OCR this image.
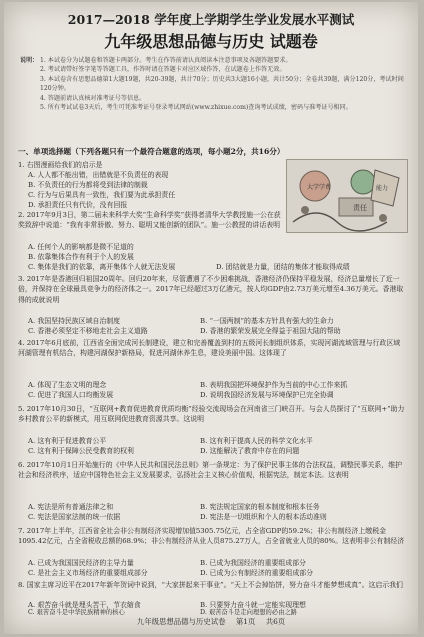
2017—2018 学年度上学期学生学业发展水平测试
九年级思想品德与历史 试题卷
说明： 1. 本试卷分为试题卷和答题卡两部分。考生在作答前请认真阅读本注意事项及各题答题要求。
2. 考试请带好签字笔等答题工具，作答时请在答题卡对应区域作答，在试题卷上作答无效。
3. 本试卷含有思想品德第1大题19题，共20-39题，共计70分；历史共3大题16小题，共计50分；全卷共39题，满分120分，考试时间120分钟。
4. 答题前请认真核对准考证号等信息。
5. 所有考试试卷3天后，考生可凭准考证号登录考试网站(www.zhixue.com)查询考试成绩，密码与准考证号相同。
一、单项选择题（下列各题只有一个最符合题意的选项，每小题2分，共16分）
1. 右图漫画给我们的启示是
A. 人人都不能出错，出错就是不负责任的表现
B. 不负责任的行为都将受到法律的制裁
C. 行为与后果具有一致性，我们要为此承担责任
D. 承担责任只有代价，没有回报
大学学费
责任
能力
2. 2017年9月3日，第二届未来科学大奖“生命科学奖”获得者清华大学教授施一公在获奖致辞中说道：“我有非常骄傲、努力、聪明又能创新的团队”。施一公教授的讲话表明
A. 任何个人的影响都是微不足道的
B. 依靠集体合作有利于个人的发展
C. 集体是我们的依靠，离开集体个人就无法发展	D. 团结就是力量，团结的集体才能取得成绩
3. 2017年是香港回归祖国20周年。回归20年来，尽管遭遇了不少困难挑战，香港经济仍保持平稳发展，经济总量增长了近一倍，并保持在全球最具竞争力的经济体之一。2017年已经超过3万亿港元，按人均GDP由2.73万美元增至4.36万美元。香港取得的成就说明
A. 我国坚持民族区域自治制度	B. “一国两制”的基本方针具有强大的生命力
C. 香港必须坚定不移地走社会主义道路	D. 香港的繁荣发展完全得益于祖国大陆的帮助
4. 2017年6月底前，江西省全面完成河长制建设，建立和完善覆盖到村的五级河长制组织体系，实现河湖流域管理与行政区域河湖管理有机结合，构建河湖保护新格局，促进河湖休养生息，建设美丽中国。这体现了
A. 体现了生态文明的理念	B. 表明我国把环境保护作为当前的中心工作来抓
C. 促进了我国人口均衡发展	D. 说明我国经济发展与环境保护已完全协调
5. 2017年10月30日，“互联网+教育促进教育优质均衡”经验交流现场会在河南省三门峡召开。与会人员探讨了“互联网+”助力乡村教育公平的新模式，用互联网促进教育资源共享。这说明
A. 这有利于促进教育公平	B. 这有利于提高人民的科学文化水平
C. 这有利于保障公民受教育的权利	D. 这能解决了教育中存在的问题
6. 2017年10月1日开始施行的《中华人民共和国民法总则》第一条规定：为了保护民事主体的合法权益，调整民事关系，维护社会和经济秩序，适应中国特色社会主义发展要求，弘扬社会主义核心价值观，根据宪法，制定本法。这表明
A. 宪法是所有普通法律之和	B. 宪法规定国家的根本制度和根本任务
C. 宪法是国家法制的统一依据	D. 宪法是一切组织和个人的根本活动准则
7. 2017年上半年，江西省全社会非公有制经济实现增加值5305.75亿元，占全省GDP的59.2%；非公有制经济上缴税金1095.42亿元，占全省税收总额的68.9%；非公有制经济从业人员875.27万人，占全省就业人员的80%。这表明非公有制经济
A. 已成为我国国民经济的主导力量	B. 已成为我国经济的重要组成部分
C. 是社会主义市场经济的重要组成部分	D. 已成为公有制经济的重要组成部分
8. 国家主席习近平在2017年新年贺词中说到，“大家拼起来干事业”。“天上不会掉馅饼，努力奋斗才能梦想成真”。这启示我们
A. 艰苦奋斗就是埋头苦干，节衣缩食	B. 只要努力奋斗就一定能实现理想
C. 艰苦奋斗是中华民族精神的核心	D. 艰苦奋斗是走向理想的必由之路
九年级思想品德与历史试卷 第1页 共6页
